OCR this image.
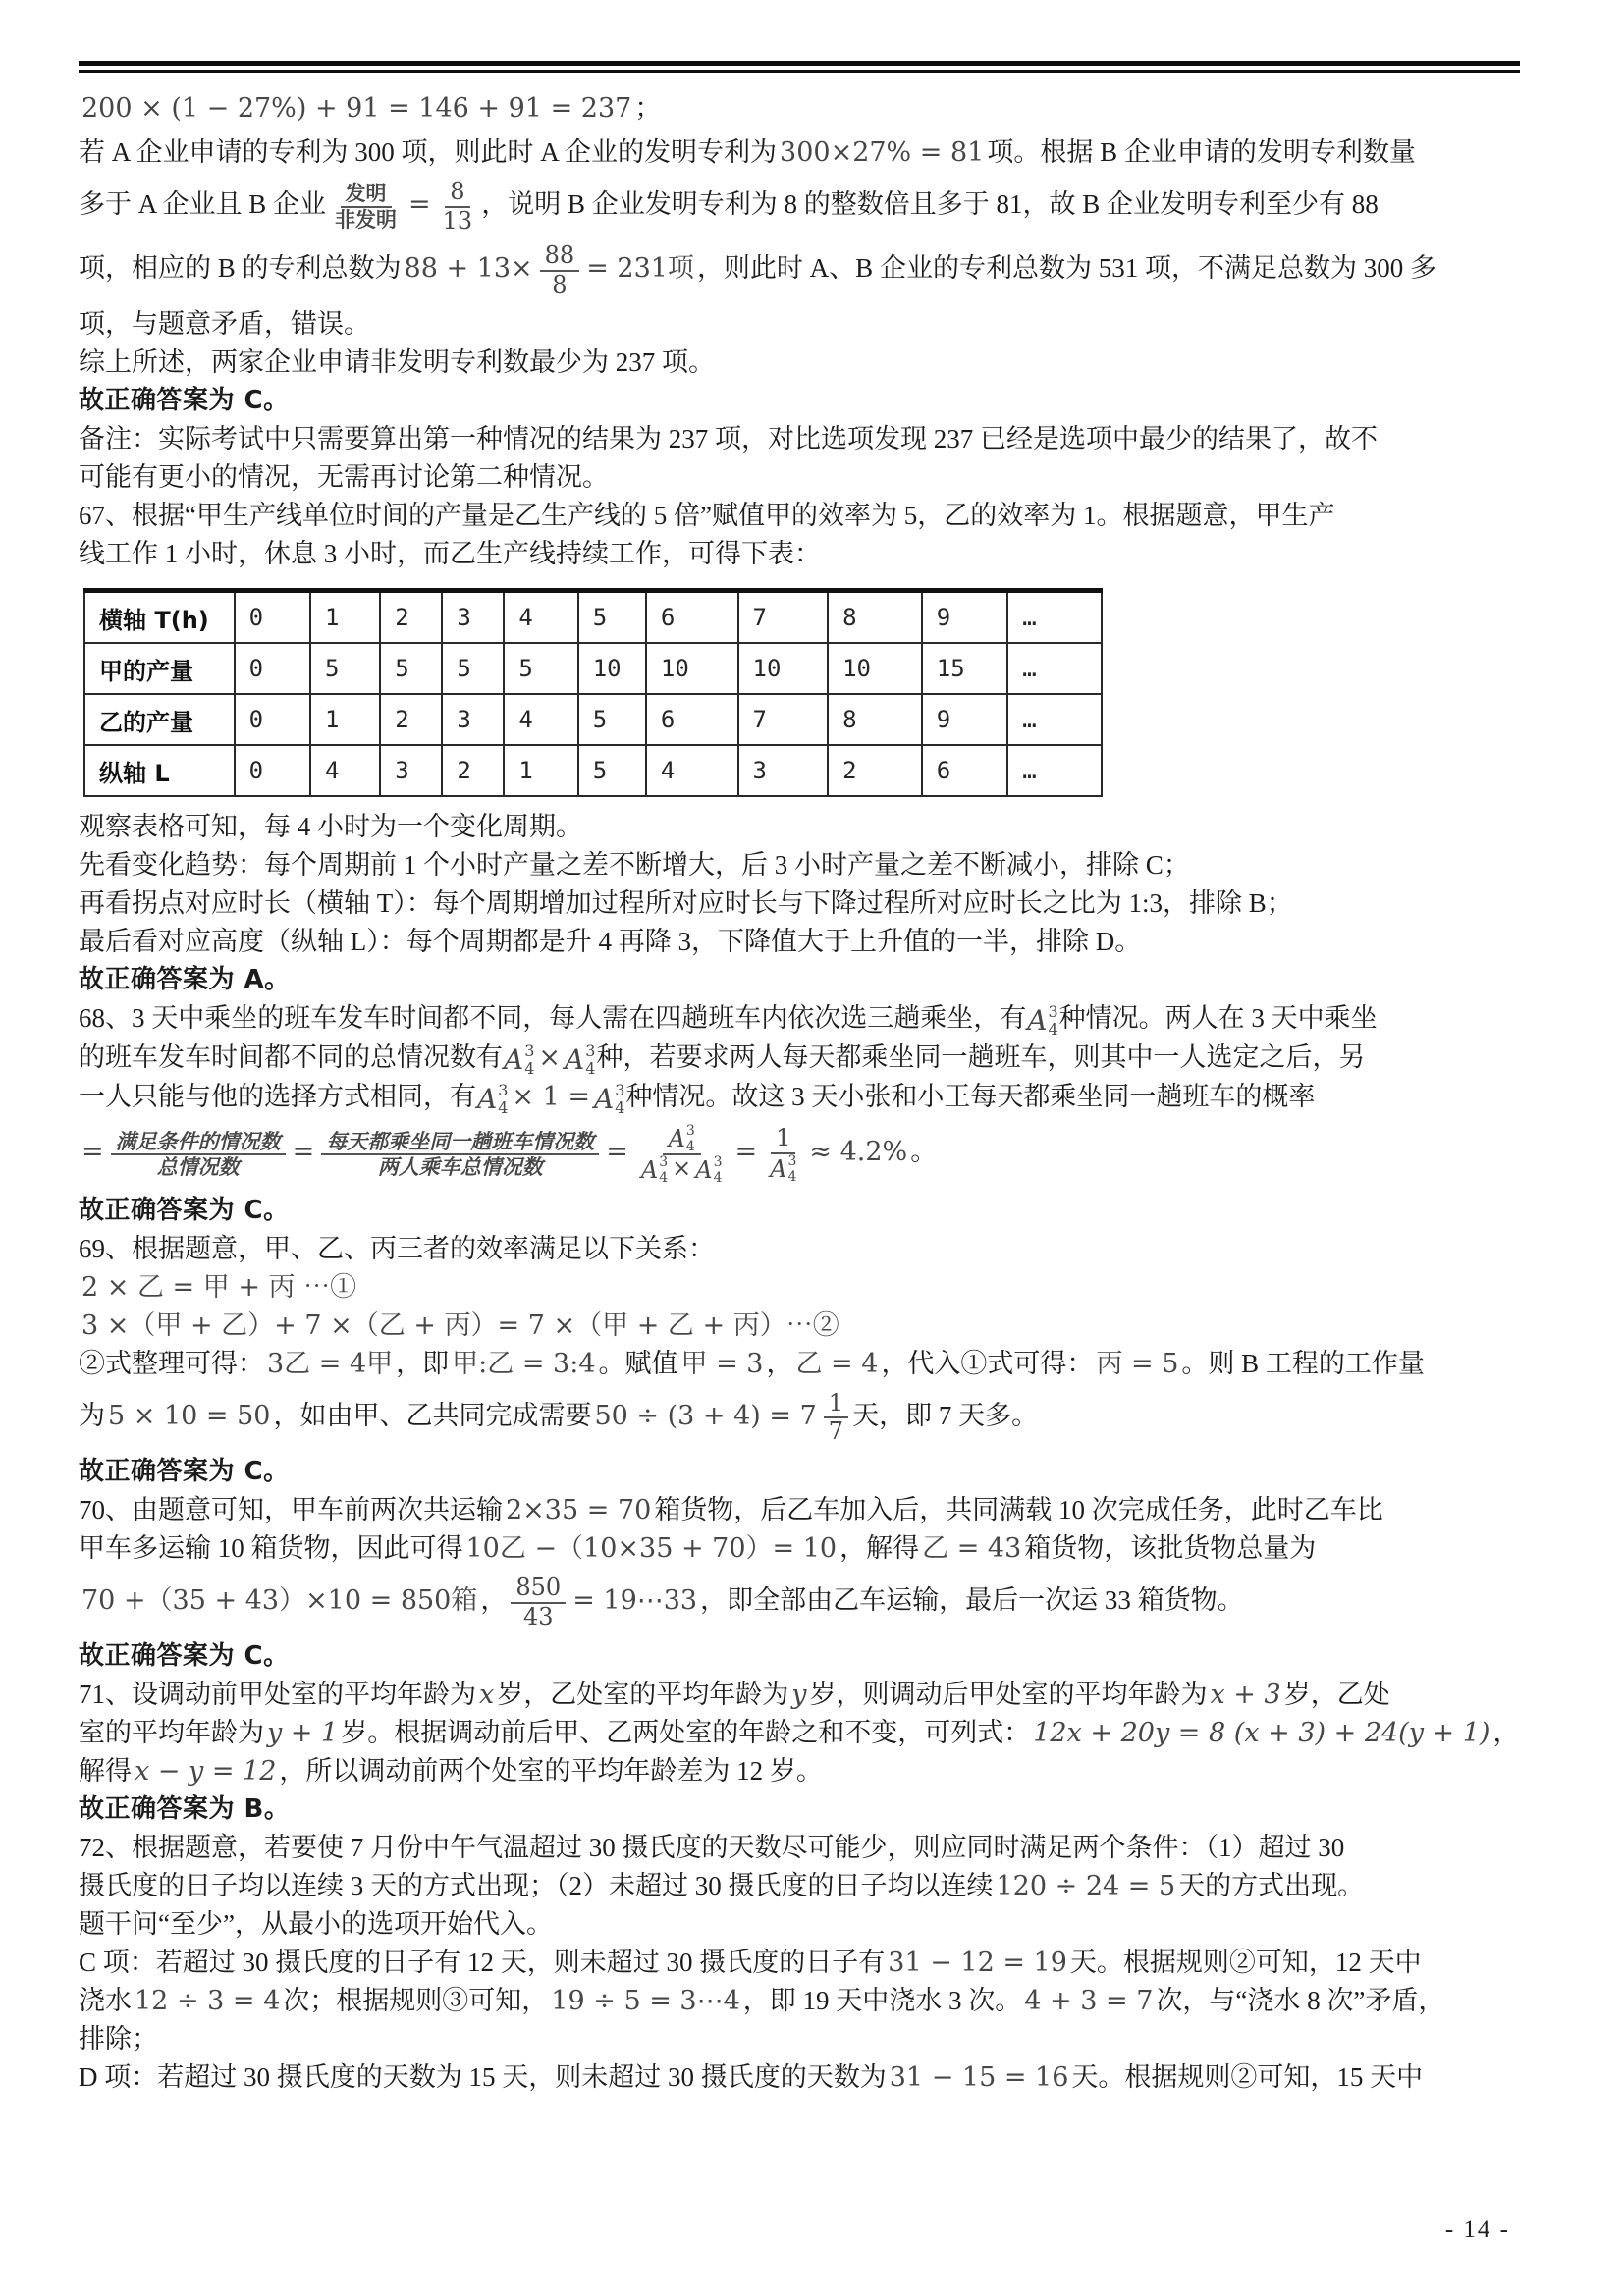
200 × (1 − 27%) + 91 = 146 + 91 = 237 ；
若 A 企业申请的专利为 300 项，则此时 A 企业的发明专利为 300×27% = 81 项。根据 B 企业申请的发明专利数量
多于 A 企业且 B 企业 $\frac{\text{发明}}{\text{非发明}} = \frac{8}{13}$ ，说明 B 企业发明专利为 8 的整数倍且多于 81，故 B 企业发明专利至少有 88
项，相应的 B 的专利总数为 $88 + 13\times \frac{88}{8} = 231$项 ，则此时 A、B 企业的专利总数为 531 项，不满足总数为 300 多
项，与题意矛盾，错误。
综上所述，两家企业申请非发明专利数最少为 237 项。
故正确答案为 C。
备注：实际考试中只需要算出第一种情况的结果为 237 项，对比选项发现 237 已经是选项中最少的结果了，故不
可能有更小的情况，无需再讨论第二种情况。
67、根据“甲生产线单位时间的产量是乙生产线的 5 倍”赋值甲的效率为 5，乙的效率为 1。根据题意，甲生产
线工作 1 小时，休息 3 小时，而乙生产线持续工作，可得下表：
横轴 T(h)	0	1	2	3	4	5	6	7	8	9	…
甲的产量	0	5	5	5	5	10	10	10	10	15	…
乙的产量	0	1	2	3	4	5	6	7	8	9	…
纵轴 L	0	4	3	2	1	5	4	3	2	6	…
观察表格可知，每 4 小时为一个变化周期。
先看变化趋势：每个周期前 1 个小时产量之差不断增大，后 3 小时产量之差不断减小，排除 C；
再看拐点对应时长（横轴 T）：每个周期增加过程所对应时长与下降过程所对应时长之比为 1:3，排除 B；
最后看对应高度（纵轴 L）：每个周期都是升 4 再降 3，下降值大于上升值的一半，排除 D。
故正确答案为 A。
68、3 天中乘坐的班车发车时间都不同，每人需在四趟班车内依次选三趟乘坐，有 A 3
4 种情况。两人在 3 天中乘坐
的班车发车时间都不同的总情况数有 A 3
4 × A 3
4 种，若要求两人每天都乘坐同一趟班车，则其中一人选定之后，另
一人只能与他的选择方式相同，有 A 3
4 × 1 = A 3
4 种情况。故这 3 天小张和小王每天都乘坐同一趟班车的概率
= $\frac{\text{满足条件的情况数}}{\text{总情况数}} = \frac{\text{每天都乘坐同一趟班车情况数}}{\text{两人乘车总情况数}} = A$ 3
4
A 3
4 × A 3
4 = 1
A 3
4 ≈ 4.2% 。
故正确答案为 C。
69、根据题意，甲、乙、丙三者的效率满足以下关系：
2 × 乙 = 甲 + 丙 ⋯①
3 ×（甲 + 乙）+ 7 ×（乙 + 丙）= 7 ×（甲 + 乙 + 丙）⋯②
②式整理可得： 3乙 = 4甲 ，即 甲:乙 = 3:4 。赋值 甲 = 3 ， 乙 = 4 ，代入①式可得： 丙 = 5 。则 B 工程的工作量
为 5 × 10 = 50 ，如由甲、乙共同完成需要 $50 \div (3 + 4) = 7 \frac{1}{7}$ 天，即 7 天多。
故正确答案为 C。
70、由题意可知，甲车前两次共运输 2×35 = 70 箱货物，后乙车加入后，共同满载 10 次完成任务，此时乙车比
甲车多运输 10 箱货物，因此可得 10乙 −（10×35 + 70）= 10 ，解得 乙 = 43 箱货物，该批货物总量为
70 +（35 + 43）×10 = 850箱 ， $\frac{850}{43}$ = 19⋯33 ，即全部由乙车运输，最后一次运 33 箱货物。
故正确答案为 C。
71、设调动前甲处室的平均年龄为 x 岁，乙处室的平均年龄为 y 岁，则调动后甲处室的平均年龄为 x + 3 岁，乙处
室的平均年龄为 y + 1 岁。根据调动前后甲、乙两处室的年龄之和不变，可列式： 12x + 20y = 8 (x + 3) + 24(y + 1) ，
解得 x − y = 12 ，所以调动前两个处室的平均年龄差为 12 岁。
故正确答案为 B。
72、根据题意，若要使 7 月份中午气温超过 30 摄氏度的天数尽可能少，则应同时满足两个条件：（1）超过 30
摄氏度的日子均以连续 3 天的方式出现；（2）未超过 30 摄氏度的日子均以连续 120 ÷ 24 = 5 天的方式出现。
题干问“至少”，从最小的选项开始代入。
C 项：若超过 30 摄氏度的日子有 12 天，则未超过 30 摄氏度的日子有 31 − 12 = 19 天。根据规则②可知，12 天中
浇水 12 ÷ 3 = 4 次；根据规则③可知， 19 ÷ 5 = 3⋯4 ，即 19 天中浇水 3 次。 4 + 3 = 7 次，与“浇水 8 次”矛盾，
排除；
D 项：若超过 30 摄氏度的天数为 15 天，则未超过 30 摄氏度的天数为 31 − 15 = 16 天。根据规则②可知，15 天中
- 14 -
